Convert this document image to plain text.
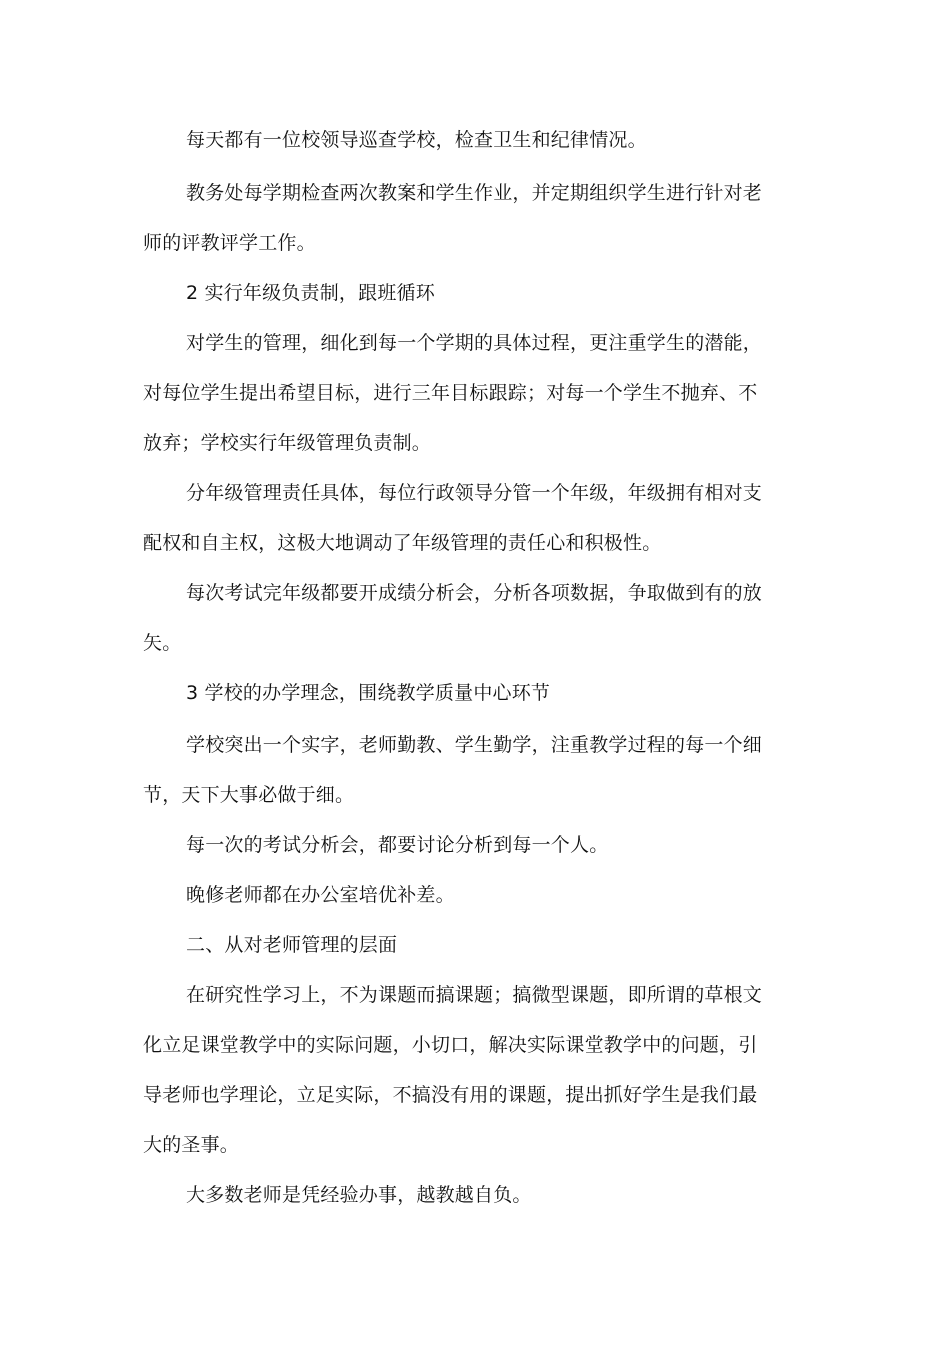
每天都有一位校领导巡查学校，检查卫生和纪律情况。
教务处每学期检查两次教案和学生作业，并定期组织学生进行针对老
师的评教评学工作。
2 实行年级负责制，跟班循环
对学生的管理，细化到每一个学期的具体过程，更注重学生的潜能，
对每位学生提出希望目标，进行三年目标跟踪；对每一个学生不抛弃、不
放弃；学校实行年级管理负责制。
分年级管理责任具体，每位行政领导分管一个年级，年级拥有相对支
配权和自主权，这极大地调动了年级管理的责任心和积极性。
每次考试完年级都要开成绩分析会，分析各项数据，争取做到有的放
矢。
3 学校的办学理念，围绕教学质量中心环节
学校突出一个实字，老师勤教、学生勤学，注重教学过程的每一个细
节，天下大事必做于细。
每一次的考试分析会，都要讨论分析到每一个人。
晚修老师都在办公室培优补差。
二、从对老师管理的层面
在研究性学习上，不为课题而搞课题；搞微型课题，即所谓的草根文
化立足课堂教学中的实际问题，小切口，解决实际课堂教学中的问题，引
导老师也学理论，立足实际，不搞没有用的课题，提出抓好学生是我们最
大的圣事。
大多数老师是凭经验办事，越教越自负。
